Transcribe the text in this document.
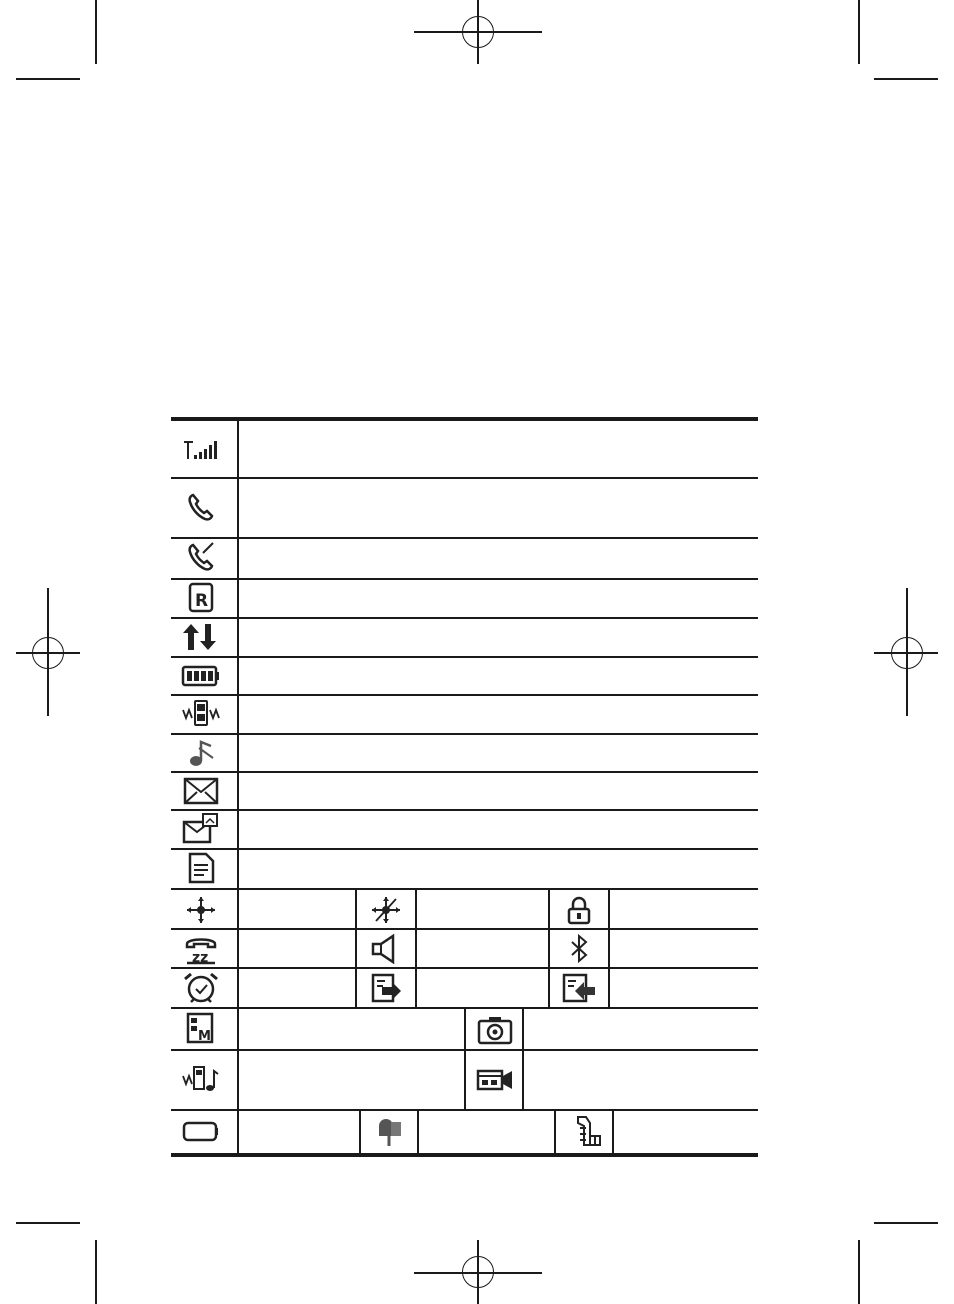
R
zz
M
